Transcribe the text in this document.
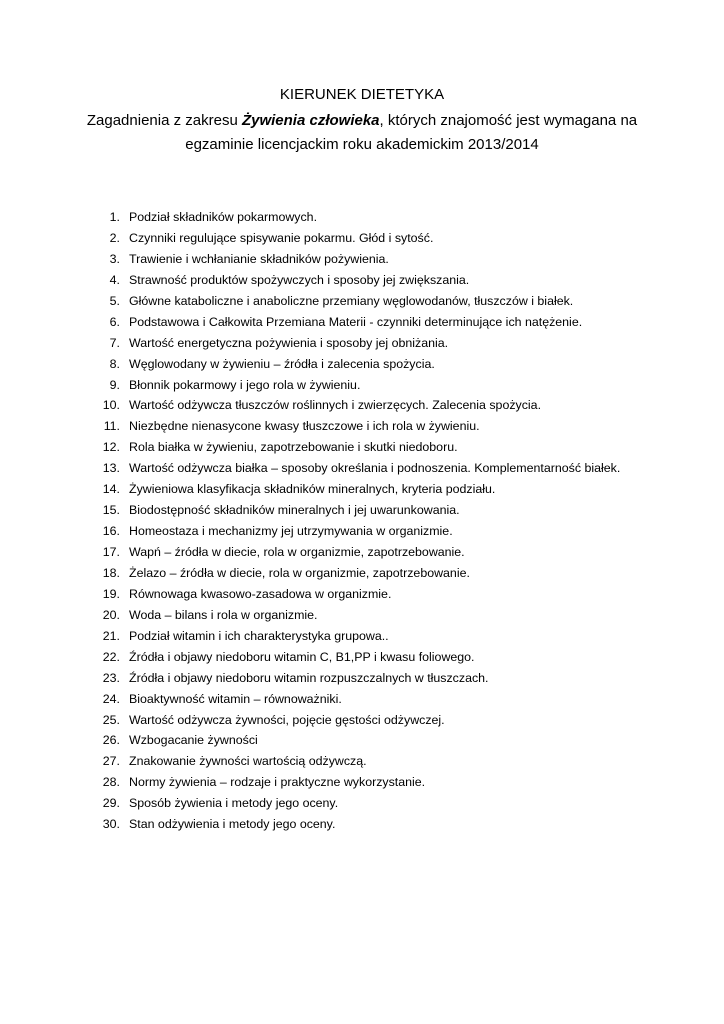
KIERUNEK DIETETYKA
Zagadnienia z zakresu Żywienia człowieka, których znajomość jest wymagana na
egzaminie licencjackim roku akademickim 2013/2014
1. Podział składników pokarmowych.
2. Czynniki regulujące spisywanie pokarmu. Głód i sytość.
3. Trawienie i wchłanianie składników pożywienia.
4. Strawność produktów spożywczych i sposoby jej zwiększania.
5. Główne kataboliczne i anaboliczne przemiany węglowodanów, tłuszczów i białek.
6. Podstawowa i Całkowita Przemiana Materii - czynniki determinujące ich natężenie.
7. Wartość energetyczna pożywienia i sposoby jej obniżania.
8. Węglowodany w żywieniu – źródła i zalecenia spożycia.
9. Błonnik pokarmowy i jego rola w żywieniu.
10. Wartość odżywcza tłuszczów roślinnych i zwierzęcych. Zalecenia spożycia.
11. Niezbędne nienasycone kwasy tłuszczowe i ich rola w żywieniu.
12. Rola białka w żywieniu, zapotrzebowanie i skutki niedoboru.
13. Wartość odżywcza białka – sposoby określania i podnoszenia. Komplementarność białek.
14. Żywieniowa klasyfikacja składników mineralnych, kryteria podziału.
15. Biodostępność składników mineralnych i jej uwarunkowania.
16. Homeostaza i mechanizmy jej utrzymywania w organizmie.
17. Wapń – źródła w diecie, rola w organizmie, zapotrzebowanie.
18. Żelazo – źródła w diecie, rola w organizmie, zapotrzebowanie.
19. Równowaga kwasowo-zasadowa w organizmie.
20. Woda – bilans i rola w organizmie.
21. Podział witamin i ich charakterystyka grupowa..
22. Źródła i objawy niedoboru witamin C, B1,PP i kwasu foliowego.
23. Źródła i objawy niedoboru witamin rozpuszczalnych w tłuszczach.
24. Bioaktywność witamin – równoważniki.
25. Wartość odżywcza żywności, pojęcie gęstości odżywczej.
26. Wzbogacanie żywności
27. Znakowanie żywności wartością odżywczą.
28. Normy żywienia – rodzaje i praktyczne wykorzystanie.
29. Sposób żywienia i metody jego oceny.
30. Stan odżywienia i metody jego oceny.
